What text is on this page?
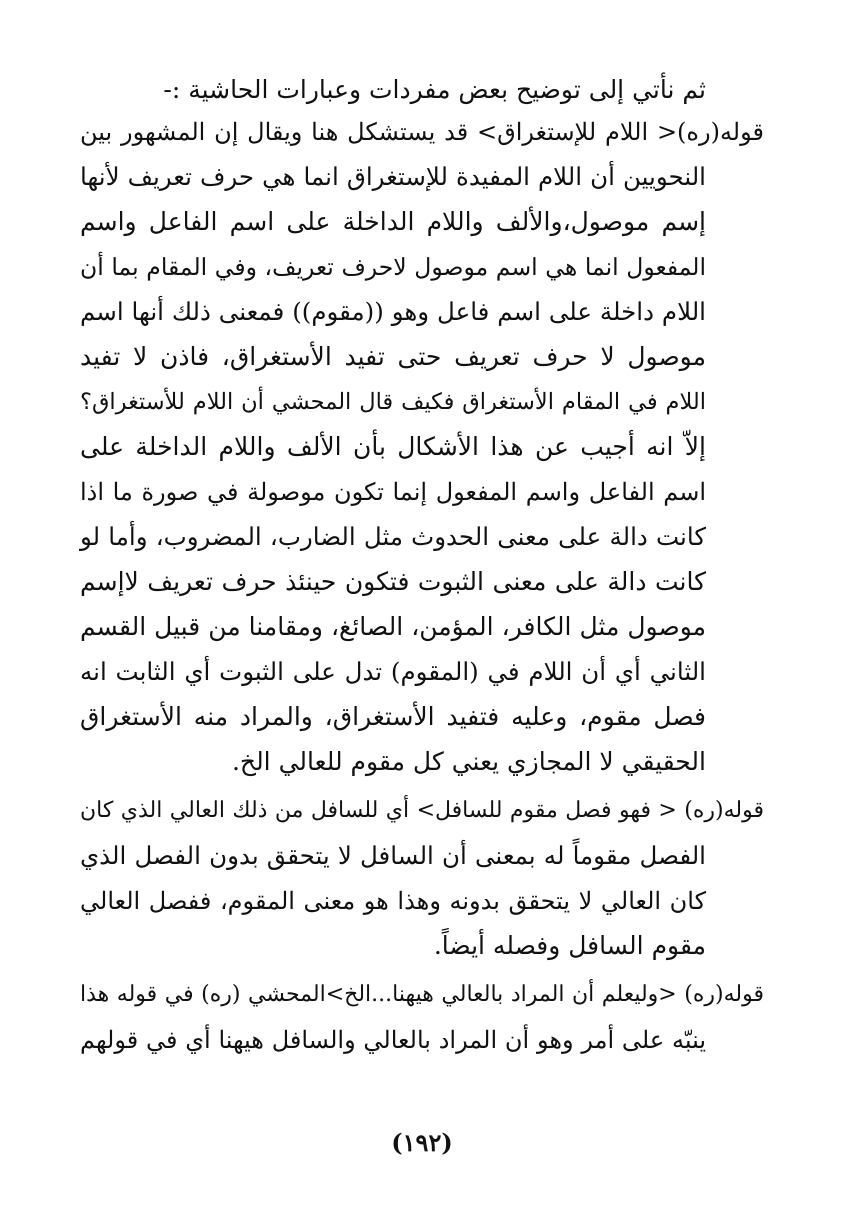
ثم نأتي إلى توضيح بعض مفردات وعبارات الحاشية :-
قوله(ره)< اللام للإستغراق> قد يستشكل هنا ويقال إن المشهور بين
النحويين أن اللام المفيدة للإستغراق انما هي حرف تعريف لأنها
إسم موصول،والألف واللام الداخلة على اسم الفاعل واسم
المفعول انما هي اسم موصول لاحرف تعريف، وفي المقام بما أن
اللام داخلة على اسم فاعل وهو ((مقوم)) فمعنى ذلك أنها اسم
موصول لا حرف تعريف حتى تفيد الأستغراق، فاذن لا تفيد
اللام في المقام الأستغراق فكيف قال المحشي أن اللام للأستغراق؟
إلاّ انه أجيب عن هذا الأشكال بأن الألف واللام الداخلة على
اسم الفاعل واسم المفعول إنما تكون موصولة في صورة ما اذا
كانت دالة على معنى الحدوث مثل الضارب، المضروب، وأما لو
كانت دالة على معنى الثبوت فتكون حينئذ حرف تعريف لاإسم
موصول مثل الكافر، المؤمن، الصائغ، ومقامنا من قبيل القسم
الثاني أي أن اللام في (المقوم) تدل على الثبوت أي الثابت انه
فصل مقوم، وعليه فتفيد الأستغراق، والمراد منه الأستغراق
الحقيقي لا المجازي يعني كل مقوم للعالي الخ.
قوله(ره) < فهو فصل مقوم للسافل> أي للسافل من ذلك العالي الذي كان
الفصل مقوماً له بمعنى أن السافل لا يتحقق بدون الفصل الذي
كان العالي لا يتحقق بدونه وهذا هو معنى المقوم، ففصل العالي
مقوم السافل وفصله أيضاً.
قوله(ره) <وليعلم أن المراد بالعالي هيهنا...الخ>المحشي (ره) في قوله هذا
ينبّه على أمر وهو أن المراد بالعالي والسافل هيهنا أي في قولهم
(١٩٢)
